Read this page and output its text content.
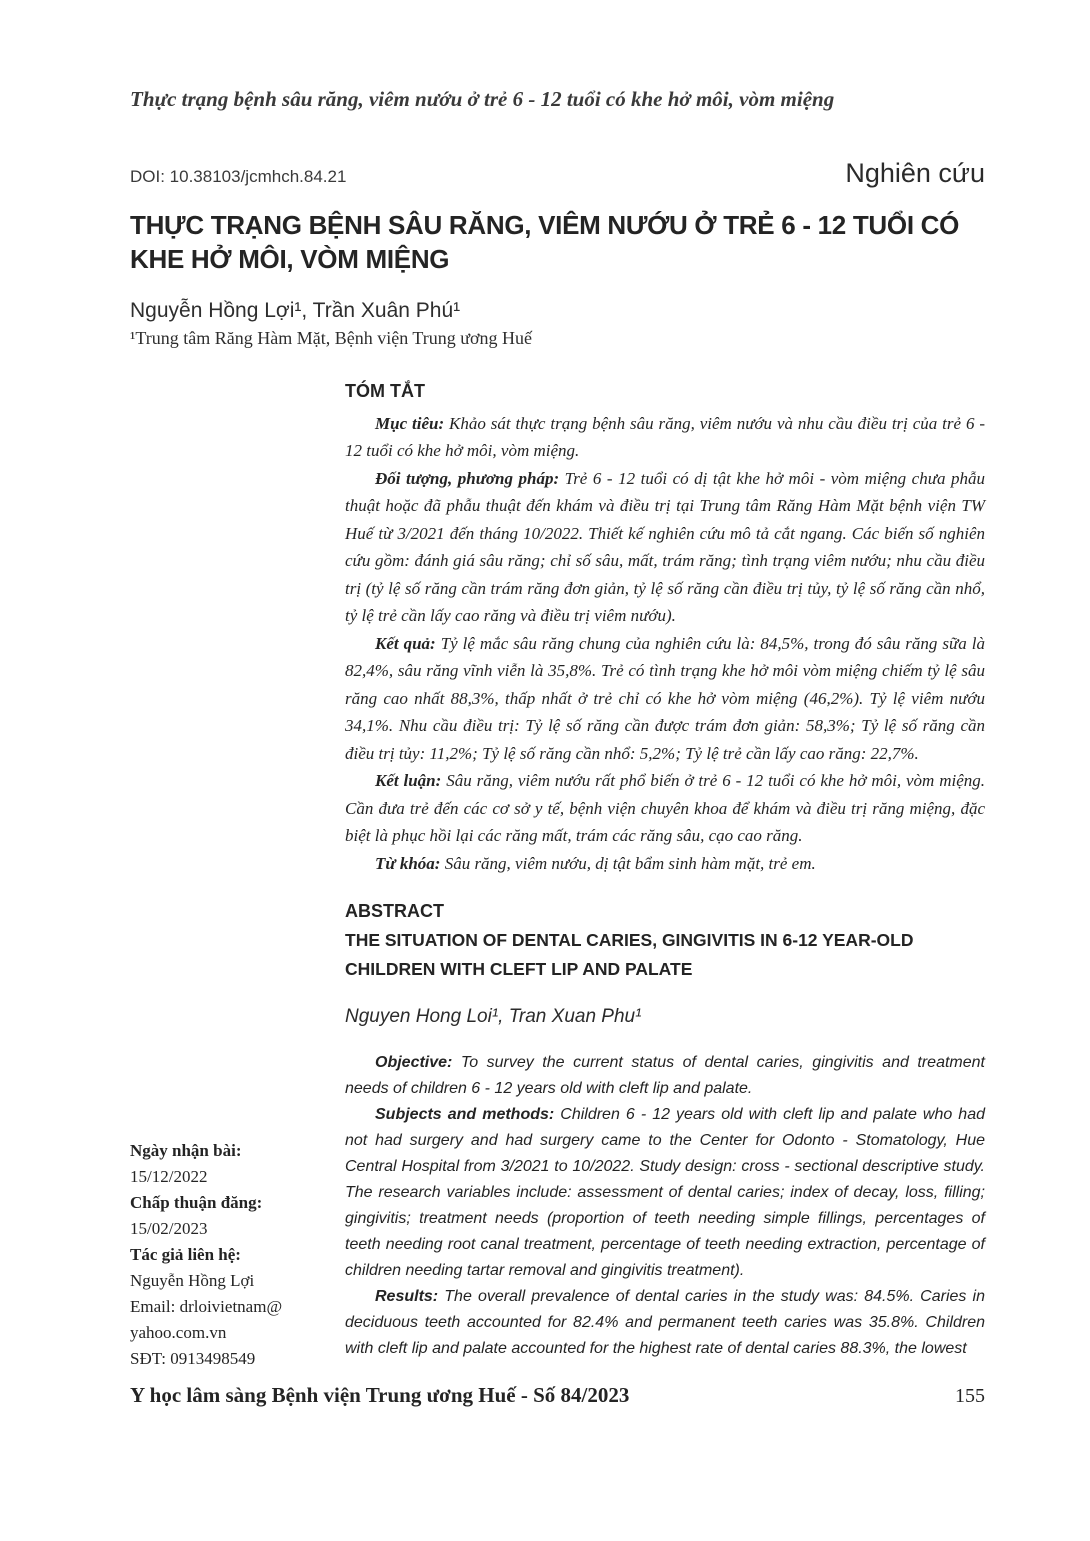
Thực trạng bệnh sâu răng, viêm nướu ở trẻ 6 - 12 tuổi có khe hở môi, vòm miệng
DOI: 10.38103/jcmhch.84.21	Nghiên cứu
THỰC TRẠNG BỆNH SÂU RĂNG, VIÊM NƯỚU Ở TRẺ 6 - 12 TUỔI CÓ KHE HỞ MÔI, VÒM MIỆNG
Nguyễn Hồng Lợi¹, Trần Xuân Phú¹
¹Trung tâm Răng Hàm Mặt, Bệnh viện Trung ương Huế
TÓM TẮT

Mục tiêu: Khảo sát thực trạng bệnh sâu răng, viêm nướu và nhu cầu điều trị của trẻ 6 - 12 tuổi có khe hở môi, vòm miệng.

Đối tượng, phương pháp: Trẻ 6 - 12 tuổi có dị tật khe hở môi - vòm miệng chưa phẫu thuật hoặc đã phẫu thuật đến khám và điều trị tại Trung tâm Răng Hàm Mặt bệnh viện TW Huế từ 3/2021 đến tháng 10/2022. Thiết kế nghiên cứu mô tả cắt ngang. Các biến số nghiên cứu gồm: đánh giá sâu răng; chỉ số sâu, mất, trám răng; tình trạng viêm nướu; nhu cầu điều trị (tỷ lệ số răng cần trám răng đơn giản, tỷ lệ số răng cần điều trị tủy, tỷ lệ số răng cần nhổ, tỷ lệ trẻ cần lấy cao răng và điều trị viêm nướu).

Kết quả: Tỷ lệ mắc sâu răng chung của nghiên cứu là: 84,5%, trong đó sâu răng sữa là 82,4%, sâu răng vĩnh viễn là 35,8%. Trẻ có tình trạng khe hở môi vòm miệng chiếm tỷ lệ sâu răng cao nhất 88,3%, thấp nhất ở trẻ chỉ có khe hở vòm miệng (46,2%). Tỷ lệ viêm nướu 34,1%. Nhu cầu điều trị: Tỷ lệ số răng cần được trám đơn giản: 58,3%; Tỷ lệ số răng cần điều trị tủy: 11,2%; Tỷ lệ số răng cần nhổ: 5,2%; Tỷ lệ trẻ cần lấy cao răng: 22,7%.

Kết luận: Sâu răng, viêm nướu rất phổ biến ở trẻ 6 - 12 tuổi có khe hở môi, vòm miệng. Cần đưa trẻ đến các cơ sở y tế, bệnh viện chuyên khoa để khám và điều trị răng miệng, đặc biệt là phục hồi lại các răng mất, trám các răng sâu, cạo cao răng.

Từ khóa: Sâu răng, viêm nướu, dị tật bẩm sinh hàm mặt, trẻ em.

ABSTRACT
THE SITUATION OF DENTAL CARIES, GINGIVITIS IN 6-12 YEAR-OLD CHILDREN WITH CLEFT LIP AND PALATE
Nguyen Hong Loi¹, Tran Xuan Phu¹

Objective: To survey the current status of dental caries, gingivitis and treatment needs of children 6 - 12 years old with cleft lip and palate.

Subjects and methods: Children 6 - 12 years old with cleft lip and palate who had not had surgery and had surgery came to the Center for Odonto - Stomatology, Hue Central Hospital from 3/2021 to 10/2022. Study design: cross - sectional descriptive study. The research variables include: assessment of dental caries; index of decay, loss, filling; gingivitis; treatment needs (proportion of teeth needing simple fillings, percentages of teeth needing root canal treatment, percentage of teeth needing extraction, percentage of children needing tartar removal and gingivitis treatment).

Results: The overall prevalence of dental caries in the study was: 84.5%. Caries in deciduous teeth accounted for 82.4% and permanent teeth caries was 35.8%. Children with cleft lip and palate accounted for the highest rate of dental caries 88.3%, the lowest

Ngày nhận bài:
15/12/2022
Chấp thuận đăng:
15/02/2023
Tác giả liên hệ:
Nguyễn Hồng Lợi
Email: drloivietnam@
yahoo.com.vn
SĐT: 0913498549
Y học lâm sàng Bệnh viện Trung ương Huế - Số 84/2023	155
